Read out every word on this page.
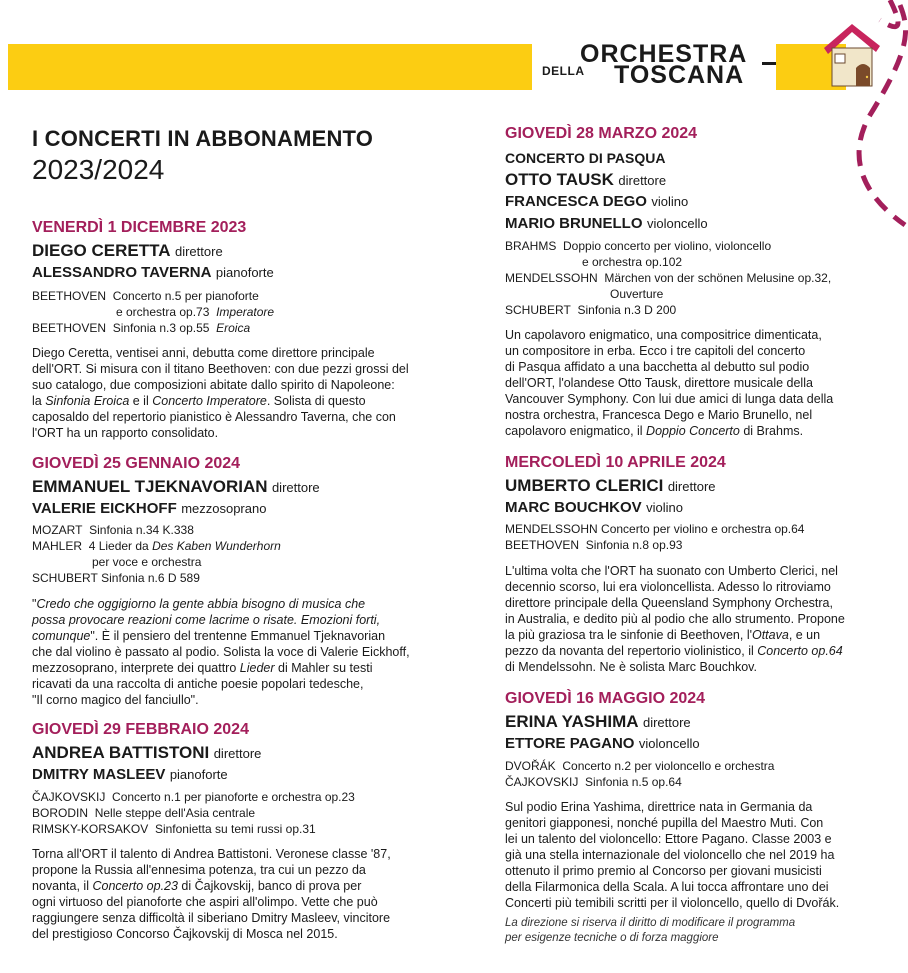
ORCHESTRA
DELLA TOSCANA
I CONCERTI IN ABBONAMENTO
2023/2024
VENERDÌ 1 DICEMBRE 2023
DIEGO CERETTA direttore
ALESSANDRO TAVERNA pianoforte
BEETHOVEN Concerto n.5 per pianoforte
e orchestra op.73 Imperatore
BEETHOVEN Sinfonia n.3 op.55 Eroica
Diego Ceretta, ventisei anni, debutta come direttore principale
dell'ORT. Si misura con il titano Beethoven: con due pezzi grossi del
suo catalogo, due composizioni abitate dallo spirito di Napoleone:
la Sinfonia Eroica e il Concerto Imperatore. Solista di questo
caposaldo del repertorio pianistico è Alessandro Taverna, che con
l'ORT ha un rapporto consolidato.
GIOVEDÌ 25 GENNAIO 2024
EMMANUEL TJEKNAVORIAN direttore
VALERIE EICKHOFF mezzosoprano
MOZART Sinfonia n.34 K.338
MAHLER 4 Lieder da Des Kaben Wunderhorn
per voce e orchestra
SCHUBERT Sinfonia n.6 D 589
"Credo che oggigiorno la gente abbia bisogno di musica che
possa provocare reazioni come lacrime o risate. Emozioni forti,
comunque". È il pensiero del trentenne Emmanuel Tjeknavorian
che dal violino è passato al podio. Solista la voce di Valerie Eickhoff,
mezzosoprano, interprete dei quattro Lieder di Mahler su testi
ricavati da una raccolta di antiche poesie popolari tedesche,
"Il corno magico del fanciullo".
GIOVEDÌ 29 FEBBRAIO 2024
ANDREA BATTISTONI direttore
DMITRY MASLEEV pianoforte
ČAJKOVSKIJ Concerto n.1 per pianoforte e orchestra op.23
BORODIN Nelle steppe dell'Asia centrale
RIMSKY-KORSAKOV Sinfonietta su temi russi op.31
Torna all'ORT il talento di Andrea Battistoni. Veronese classe '87,
propone la Russia all'ennesima potenza, tra cui un pezzo da
novanta, il Concerto op.23 di Čajkovskij, banco di prova per
ogni virtuoso del pianoforte che aspiri all'olimpo. Vette che può
raggiungere senza difficoltà il siberiano Dmitry Masleev, vincitore
del prestigioso Concorso Čajkovskij di Mosca nel 2015.
GIOVEDÌ 28 MARZO 2024
CONCERTO DI PASQUA
OTTO TAUSK direttore
FRANCESCA DEGO violino
MARIO BRUNELLO violoncello
BRAHMS Doppio concerto per violino, violoncello
e orchestra op.102
MENDELSSOHN Märchen von der schönen Melusine op.32,
Ouverture
SCHUBERT Sinfonia n.3 D 200
Un capolavoro enigmatico, una compositrice dimenticata,
un compositore in erba. Ecco i tre capitoli del concerto
di Pasqua affidato a una bacchetta al debutto sul podio
dell'ORT, l'olandese Otto Tausk, direttore musicale della
Vancouver Symphony. Con lui due amici di lunga data della
nostra orchestra, Francesca Dego e Mario Brunello, nel
capolavoro enigmatico, il Doppio Concerto di Brahms.
MERCOLEDÌ 10 APRILE 2024
UMBERTO CLERICI direttore
MARC BOUCHKOV violino
MENDELSSOHN Concerto per violino e orchestra op.64
BEETHOVEN Sinfonia n.8 op.93
L'ultima volta che l'ORT ha suonato con Umberto Clerici, nel
decennio scorso, lui era violoncellista. Adesso lo ritroviamo
direttore principale della Queensland Symphony Orchestra,
in Australia, e dedito più al podio che allo strumento. Propone
la più graziosa tra le sinfonie di Beethoven, l'Ottava, e un
pezzo da novanta del repertorio violinistico, il Concerto op.64
di Mendelssohn. Ne è solista Marc Bouchkov.
GIOVEDÌ 16 MAGGIO 2024
ERINA YASHIMA direttore
ETTORE PAGANO violoncello
DVOŘÁK Concerto n.2 per violoncello e orchestra
ČAJKOVSKIJ Sinfonia n.5 op.64
Sul podio Erina Yashima, direttrice nata in Germania da
genitori giapponesi, nonché pupilla del Maestro Muti. Con
lei un talento del violoncello: Ettore Pagano. Classe 2003 e
già una stella internazionale del violoncello che nel 2019 ha
ottenuto il primo premio al Concorso per giovani musicisti
della Filarmonica della Scala. A lui tocca affrontare uno dei
Concerti più temibili scritti per il violoncello, quello di Dvořák.
La direzione si riserva il diritto di modificare il programma
per esigenze tecniche o di forza maggiore
